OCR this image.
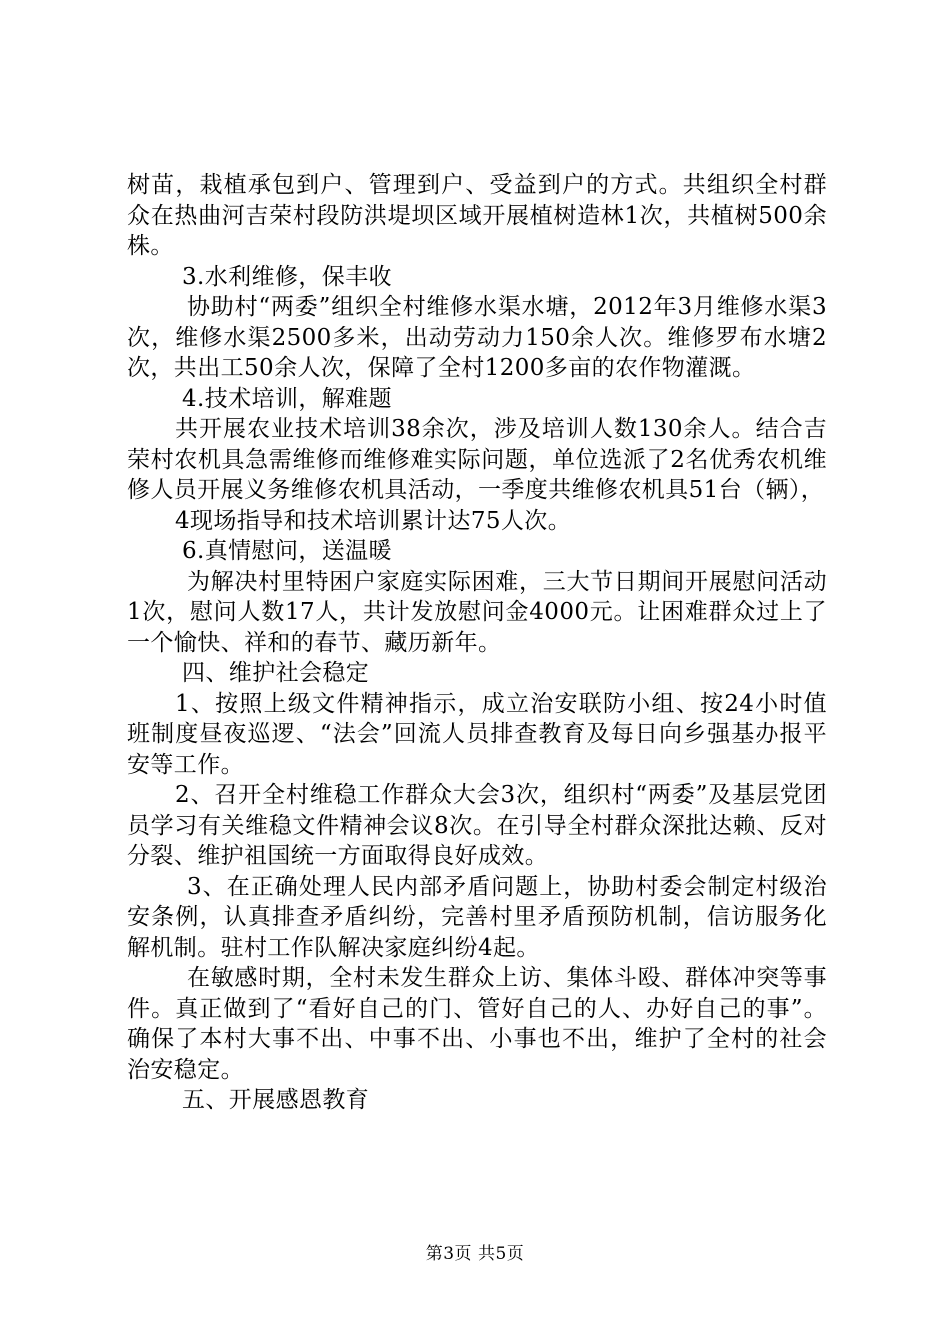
树苗，栽植承包到户、管理到户、受益到户的方式。共组织全村群众在热曲河吉荣村段防洪堤坝区域开展植树造林1次，共植树500余株。

3.水利维修，保丰收

协助村“两委”组织全村维修水渠水塘，2012年3月维修水渠3次，维修水渠2500多米，出动劳动力150余人次。维修罗布水塘2次，共出工50余人次，保障了全村1200多亩的农作物灌溉。

4.技术培训，解难题

共开展农业技术培训38余次，涉及培训人数130余人。结合吉荣村农机具急需维修而维修难实际问题，单位选派了2名优秀农机维修人员开展义务维修农机具活动，一季度共维修农机具51台（辆），

4现场指导和技术培训累计达75人次。

6.真情慰问，送温暖

为解决村里特困户家庭实际困难，三大节日期间开展慰问活动1次，慰问人数17人，共计发放慰问金4000元。让困难群众过上了一个愉快、祥和的春节、藏历新年。

四、维护社会稳定

1、按照上级文件精神指示，成立治安联防小组、按24小时值班制度昼夜巡逻、“法会”回流人员排查教育及每日向乡强基办报平安等工作。

2、召开全村维稳工作群众大会3次，组织村“两委”及基层党团员学习有关维稳文件精神会议8次。在引导全村群众深批达赖、反对分裂、维护祖国统一方面取得良好成效。

3、在正确处理人民内部矛盾问题上，协助村委会制定村级治安条例，认真排查矛盾纠纷，完善村里矛盾预防机制，信访服务化解机制。驻村工作队解决家庭纠纷4起。

在敏感时期，全村未发生群众上访、集体斗殴、群体冲突等事件。真正做到了“看好自己的门、管好自己的人、办好自己的事”。确保了本村大事不出、中事不出、小事也不出，维护了全村的社会治安稳定。

五、开展感恩教育

第3页 共5页
